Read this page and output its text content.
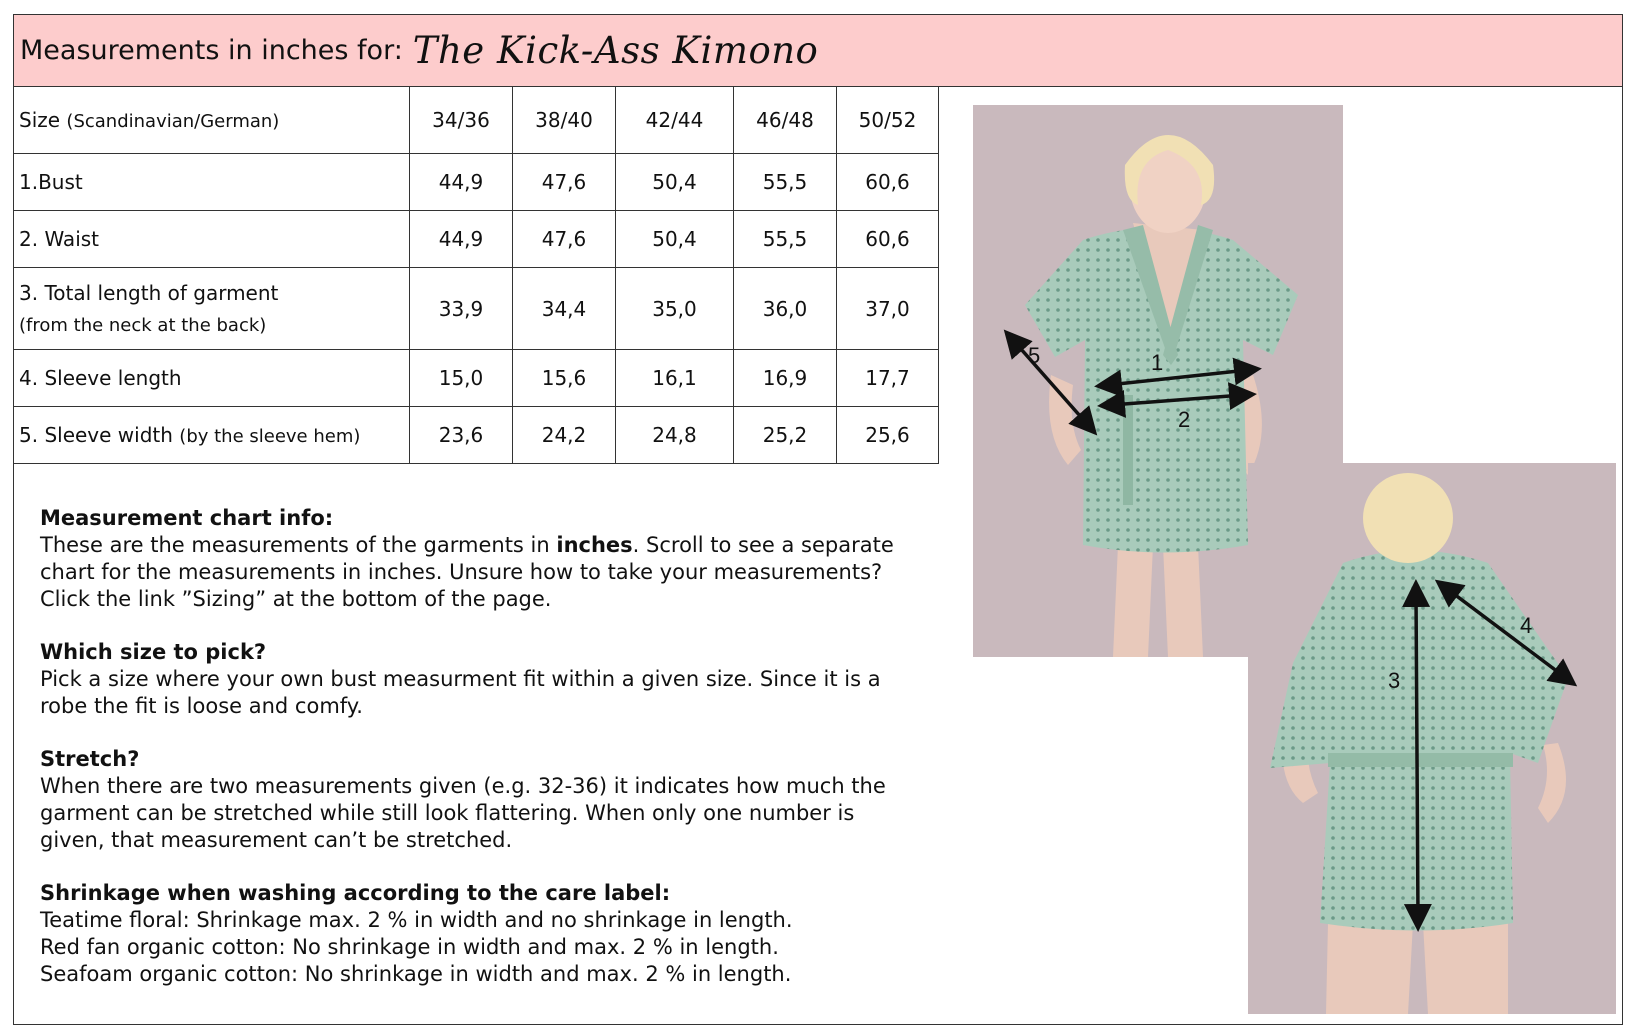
Measurements in inches for: The Kick-Ass Kimono
Size (Scandinavian/German)	34/36	38/40	42/44	46/48	50/52
1.Bust	44,9	47,6	50,4	55,5	60,6
2. Waist	44,9	47,6	50,4	55,5	60,6

3. Total length of garment
(from the neck at the back)	33,9	34,4	35,0	36,0	37,0
4. Sleeve length	15,0	15,6	16,1	16,9	17,7
5. Sleeve width (by the sleeve hem)	23,6	24,2	24,8	25,2	25,6

Measurement chart info:

These are the measurements of the garments in inches. Scroll to see a separate chart for the measurements in inches. Unsure how to take your measurements? Click the link ”Sizing” at the bottom of the page.

Which size to pick?

Pick a size where your own bust measurment fit within a given size. Since it is a robe the fit is loose and comfy.

Stretch?

When there are two measurements given (e.g. 32-36) it indicates how much the garment can be stretched while still look flattering. When only one number is given, that measurement can’t be stretched.

Shrinkage when washing according to the care label:

Teatime floral: Shrinkage max. 2 % in width and no shrinkage in length.

Red fan organic cotton: No shrinkage in width and max. 2 % in length.

Seafoam organic cotton: No shrinkage in width and max. 2 % in length.

5	1
2
3
4
